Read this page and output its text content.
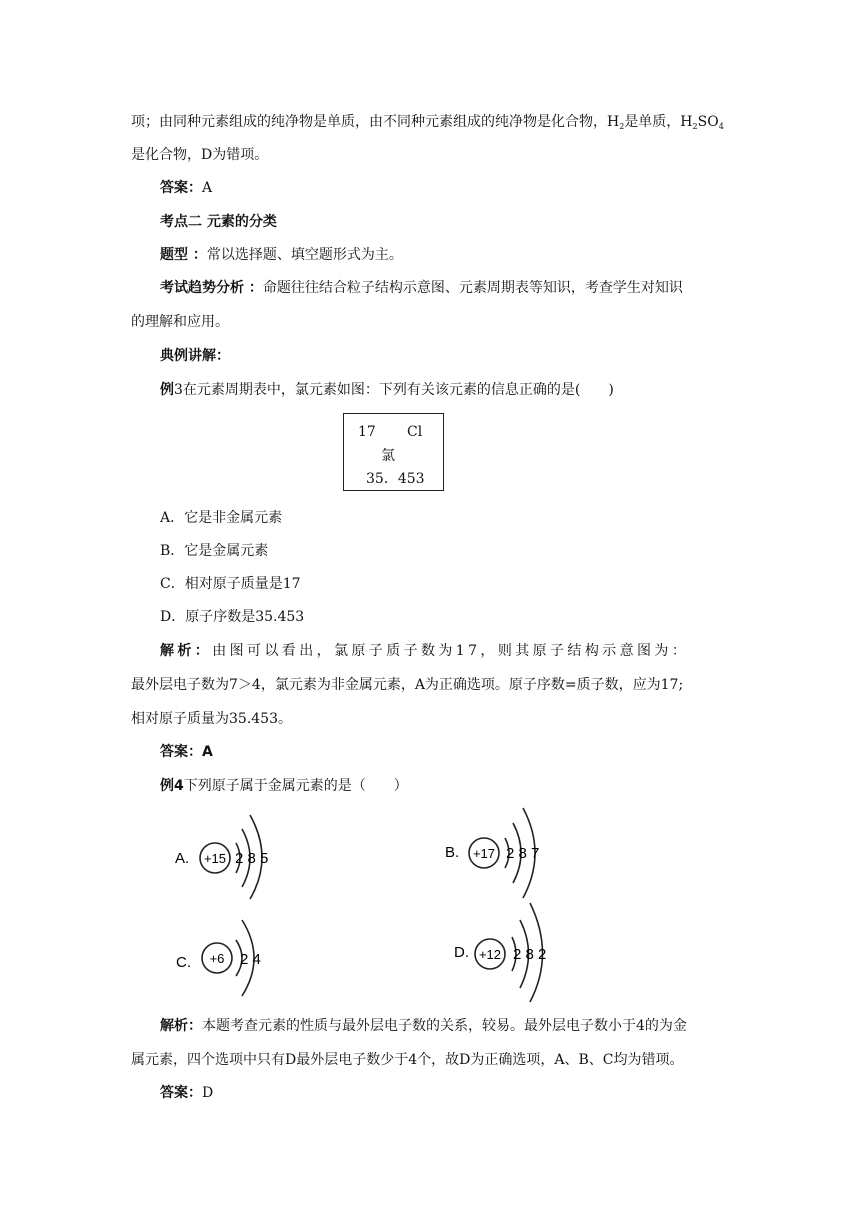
项；由同种元素组成的纯净物是单质，由不同种元素组成的纯净物是化合物，$H_2$是单质，$H_2SO_4$
是化合物，D为错项。
答案：A
考点二 元素的分类
题型 ：常以选择题、填空题形式为主。
考试趋势分析 ：命题往往结合粒子结构示意图、元素周期表等知识，考查学生对知识
的理解和应用。
典例讲解：
例3在元素周期表中，氯元素如图：下列有关该元素的信息正确的是(　　)
17 Cl
氯
35．453
A．它是非金属元素
B．它是金属元素
C．相对原子质量是17
D．原子序数是35.453
解析：由图可以看出，氯原子质子数为17，则其原子结构示意图为：
最外层电子数为7＞4，氯元素为非金属元素，A为正确选项。原子序数=质子数，应为17;
相对原子质量为35.453。
答案：A
例4下列原子属于金属元素的是（　　）
A. +15 2 8 5	B. +17 2 8 7
C. +6 2 4	D. +12 2 8 2
解析：本题考查元素的性质与最外层电子数的关系，较易。最外层电子数小于4的为金
属元素，四个选项中只有D最外层电子数少于4个，故D为正确选项，A、B、C均为错项。
答案：D
